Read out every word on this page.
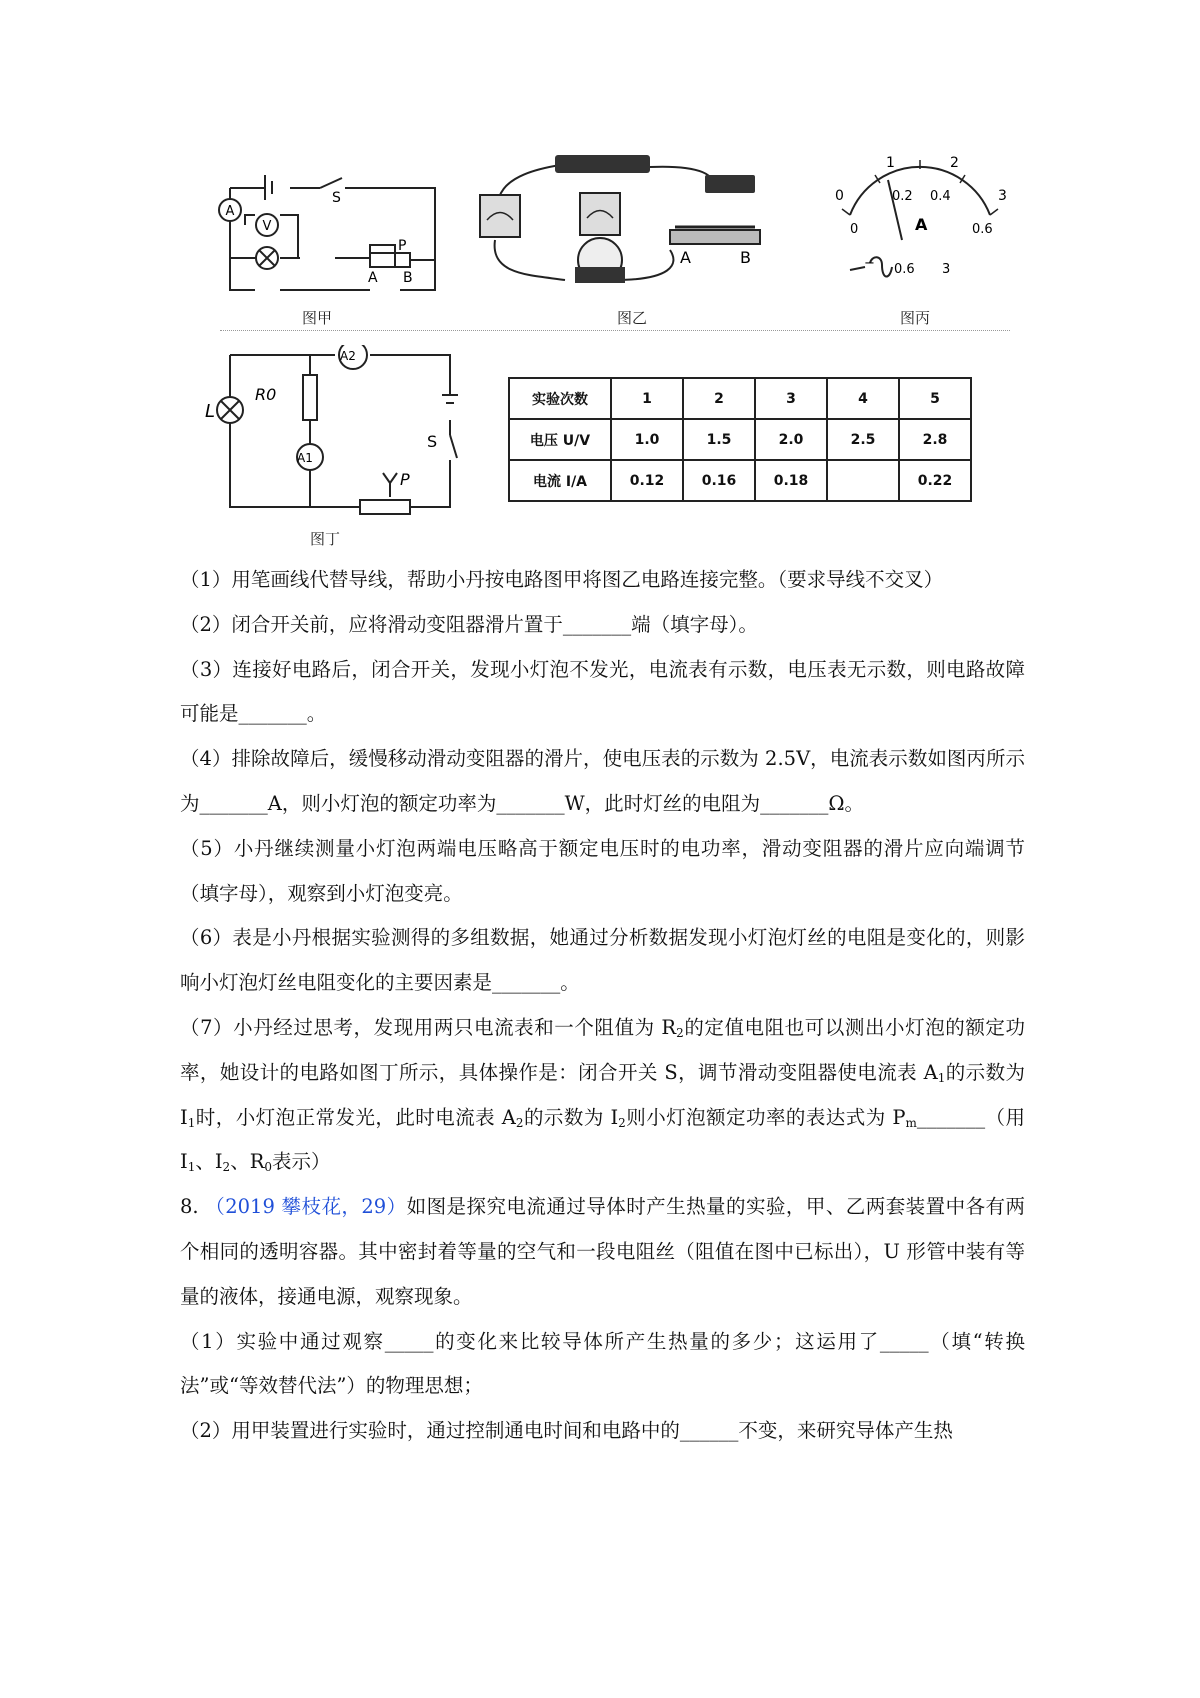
A
V
S
P
A B
图甲
A	B
图乙
0
1	2
3
0
0.2 0.4
0.6
A
− 0.6 3
图丙
L
R0
A2
A1
S
P
图丁
实验次数	1	2	3	4	5
电压 U/V	1.0	1.5	2.0	2.5	2.8
电流 I/A	0.12	0.16	0.18		0.22

（1）用笔画线代替导线，帮助小丹按电路图甲将图乙电路连接完整。（要求导线不交叉）

（2）闭合开关前，应将滑动变阻器滑片置于_______端（填字母）。

（3）连接好电路后，闭合开关，发现小灯泡不发光，电流表有示数，电压表无示数，则电路故障可能是_______。

（4）排除故障后，缓慢移动滑动变阻器的滑片，使电压表的示数为 2.5V，电流表示数如图丙所示为_______A，则小灯泡的额定功率为_______W，此时灯丝的电阻为_______Ω。

（5）小丹继续测量小灯泡两端电压略高于额定电压时的电功率，滑动变阻器的滑片应向端调节（填字母），观察到小灯泡变亮。

（6）表是小丹根据实验测得的多组数据，她通过分析数据发现小灯泡灯丝的电阻是变化的，则影响小灯泡灯丝电阻变化的主要因素是_______。

（7）小丹经过思考，发现用两只电流表和一个阻值为 $R_2$的定值电阻也可以测出小灯泡的额定功率，她设计的电路如图丁所示，具体操作是：闭合开关 S，调节滑动变阻器使电流表 $A_1$的示数为 $I_1$时，小灯泡正常发光，此时电流表 $A_2$的示数为 $I_2$则小灯泡额定功率的表达式为 $P_m\_\_\_\_\_\_\_$（用 $I_1$、$I_2$、$R_0$表示）

8. （2019 攀枝花，29）如图是探究电流通过导体时产生热量的实验，甲、乙两套装置中各有两个相同的透明容器。其中密封着等量的空气和一段电阻丝（阻值在图中已标出），U 形管中装有等量的液体，接通电源，观察现象。

（1）实验中通过观察_____的变化来比较导体所产生热量的多少；这运用了_____（填“转换法”或“等效替代法”）的物理思想；

（2）用甲装置进行实验时，通过控制通电时间和电路中的______不变，来研究导体产生热
